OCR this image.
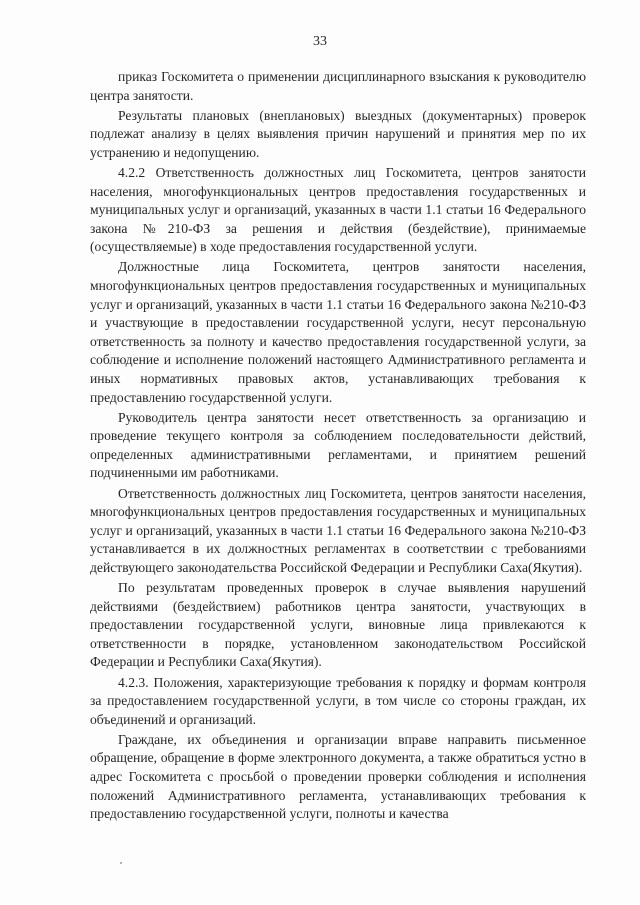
33

приказ Госкомитета о применении дисциплинарного взыскания к руководителю центра занятости.

Результаты плановых (внеплановых) выездных (документарных) проверок подлежат анализу в целях выявления причин нарушений и принятия мер по их устранению и недопущению.

4.2.2 Ответственность должностных лиц Госкомитета, центров занятости населения, многофункциональных центров предоставления государственных и муниципальных услуг и организаций, указанных в части 1.1 статьи 16 Федерального закона №210-ФЗ за решения и действия (бездействие), принимаемые (осуществляемые) в ходе предоставления государственной услуги.

Должностные лица Госкомитета, центров занятости населения, многофункциональных центров предоставления государственных и муниципальных услуг и организаций, указанных в части 1.1 статьи 16 Федерального закона №210-ФЗ и участвующие в предоставлении государственной услуги, несут персональную ответственность за полноту и качество предоставления государственной услуги, за соблюдение и исполнение положений настоящего Административного регламента и иных нормативных правовых актов, устанавливающих требования к предоставлению государственной услуги.

Руководитель центра занятости несет ответственность за организацию и проведение текущего контроля за соблюдением последовательности действий, определенных административными регламентами, и принятием решений подчиненными им работниками.

Ответственность должностных лиц Госкомитета, центров занятости населения, многофункциональных центров предоставления государственных и муниципальных услуг и организаций, указанных в части 1.1 статьи 16 Федерального закона №210-ФЗ устанавливается в их должностных регламентах в соответствии с требованиями действующего законодательства Российской Федерации и Республики Саха(Якутия).

По результатам проведенных проверок в случае выявления нарушений действиями (бездействием) работников центра занятости, участвующих в предоставлении государственной услуги, виновные лица привлекаются к ответственности в порядке, установленном законодательством Российской Федерации и Республики Саха(Якутия).

4.2.3. Положения, характеризующие требования к порядку и формам контроля за предоставлением государственной услуги, в том числе со стороны граждан, их объединений и организаций.

Граждане, их объединения и организации вправе направить письменное обращение, обращение в форме электронного документа, а также обратиться устно в адрес Госкомитета с просьбой о проведении проверки соблюдения и исполнения положений Административного регламента, устанавливающих требования к предоставлению государственной услуги, полноты и качества
